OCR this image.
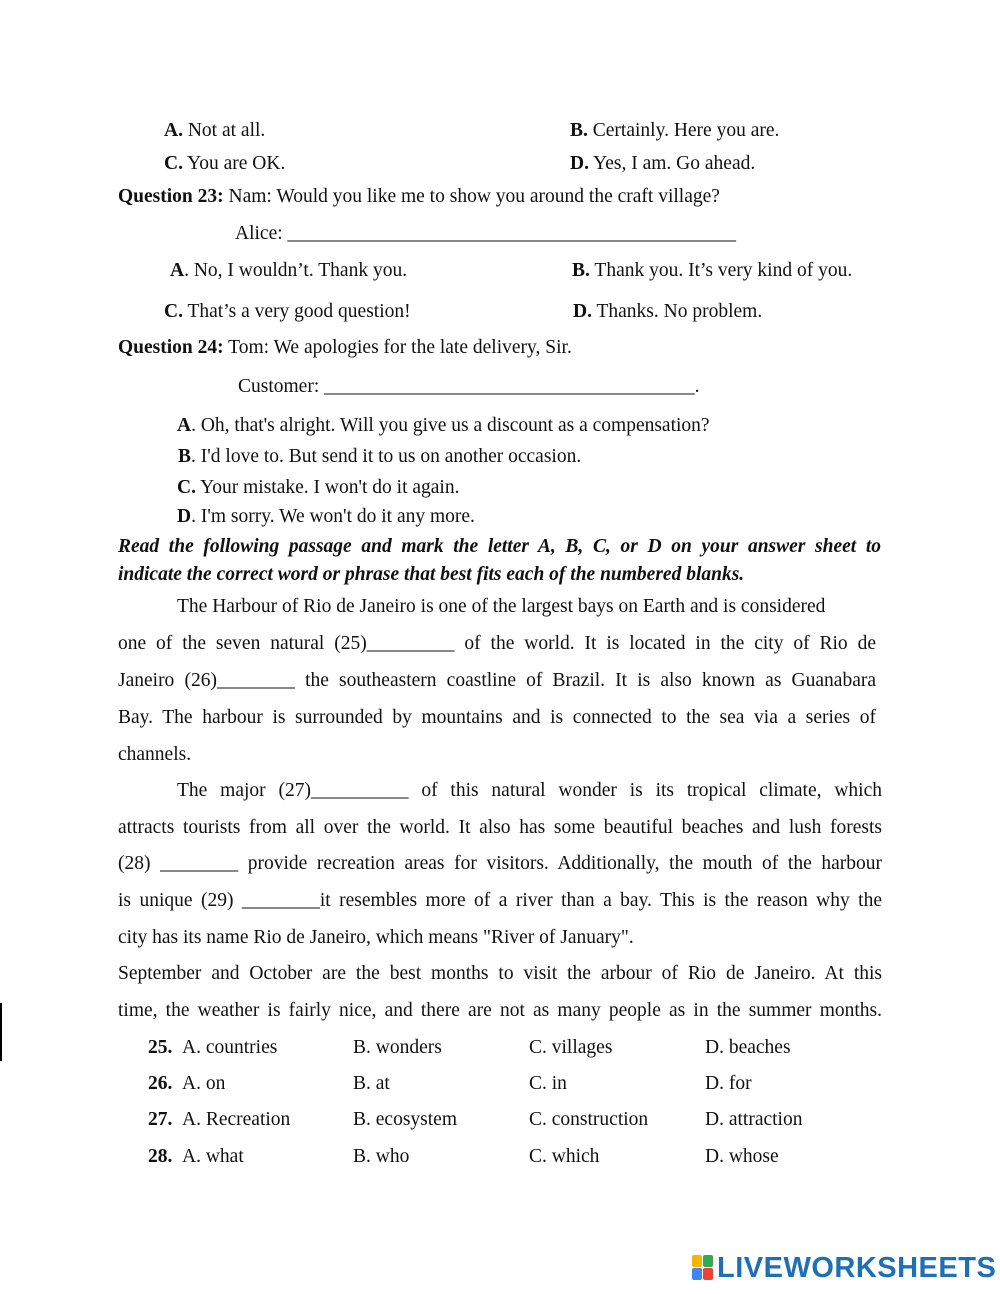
A. Not at all.	B. Certainly. Here you are.
C. You are OK.	D. Yes, I am. Go ahead.
Question 23: Nam: Would you like me to show you around the craft village?
Alice: ______________________________________________
A. No, I wouldn’t. Thank you.	B. Thank you. It’s very kind of you.
C. That’s a very good question!	D. Thanks. No problem.
Question 24: Tom: We apologies for the late delivery, Sir.
Customer: ______________________________________.
A. Oh, that's alright. Will you give us a discount as a compensation?
B. I'd love to. But send it to us on another occasion.
C. Your mistake. I won't do it again.
D. I'm sorry. We won't do it any more.
Read the following passage and mark the letter A, B, C, or D on your answer sheet to
indicate the correct word or phrase that best fits each of the numbered blanks.
The Harbour of Rio de Janeiro is one of the largest bays on Earth and is considered
one of the seven natural (25)_________ of the world. It is located in the city of Rio de
Janeiro (26)________ the southeastern coastline of Brazil. It is also known as Guanabara
Bay. The harbour is surrounded by mountains and is connected to the sea via a series of
channels.
The major (27)__________ of this natural wonder is its tropical climate, which
attracts tourists from all over the world. It also has some beautiful beaches and lush forests
(28) ________ provide recreation areas for visitors. Additionally, the mouth of the harbour
is unique (29) ________it resembles more of a river than a bay. This is the reason why the
city has its name Rio de Janeiro, which means "River of January".
September and October are the best months to visit the arbour of Rio de Janeiro. At this
time, the weather is fairly nice, and there are not as many people as in the summer months.
25. A. countries	B. wonders	C. villages	D. beaches
26. A. on	B. at	C. in	D. for
27. A. Recreation	B. ecosystem	C. construction	D. attraction
28. A. what	B. who	C. which	D. whose
LIVEWORKSHEETS
